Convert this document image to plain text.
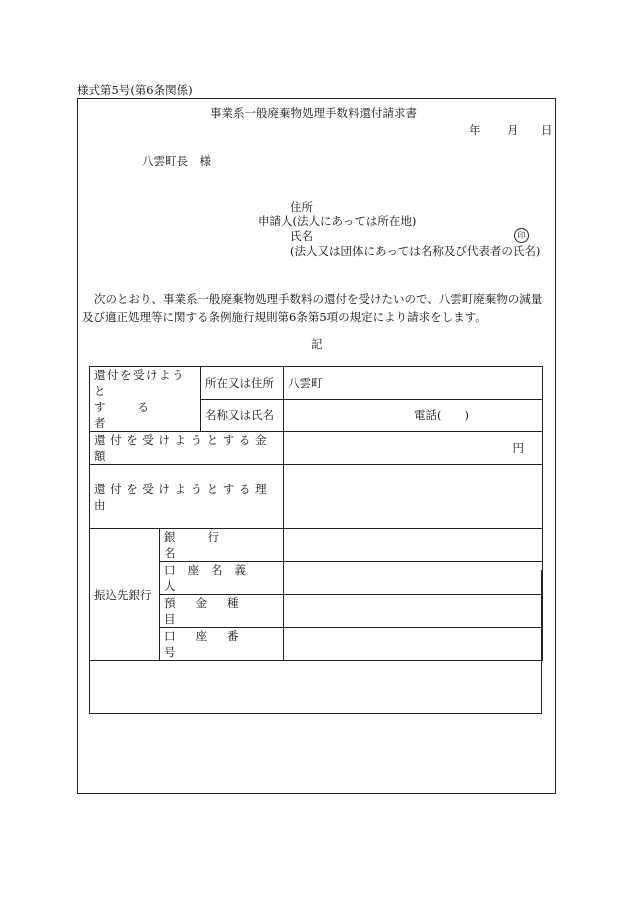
様式第5号(第6条関係)
事業系一般廃棄物処理手数料還付請求書
年 月 日
八雲町長　様
住所
申請人(法人にあっては所在地)
氏名	印
(法人又は団体にあっては名称及び代表者の氏名)
次のとおり、事業系一般廃棄物処理手数料の還付を受けたいので、八雲町廃棄物の減量及び適正処理等に関する条例施行規則第6条第5項の規定により請求をします。
記
還付を受けようと
する者		所在又は住所	八雲町
		名称又は氏名	電話(　　)
還付を受けようとする金額			円
還付を受けようとする理由			
振込先銀行	銀行名		
	口座名義人		
	預金種目		
	口座番号		
